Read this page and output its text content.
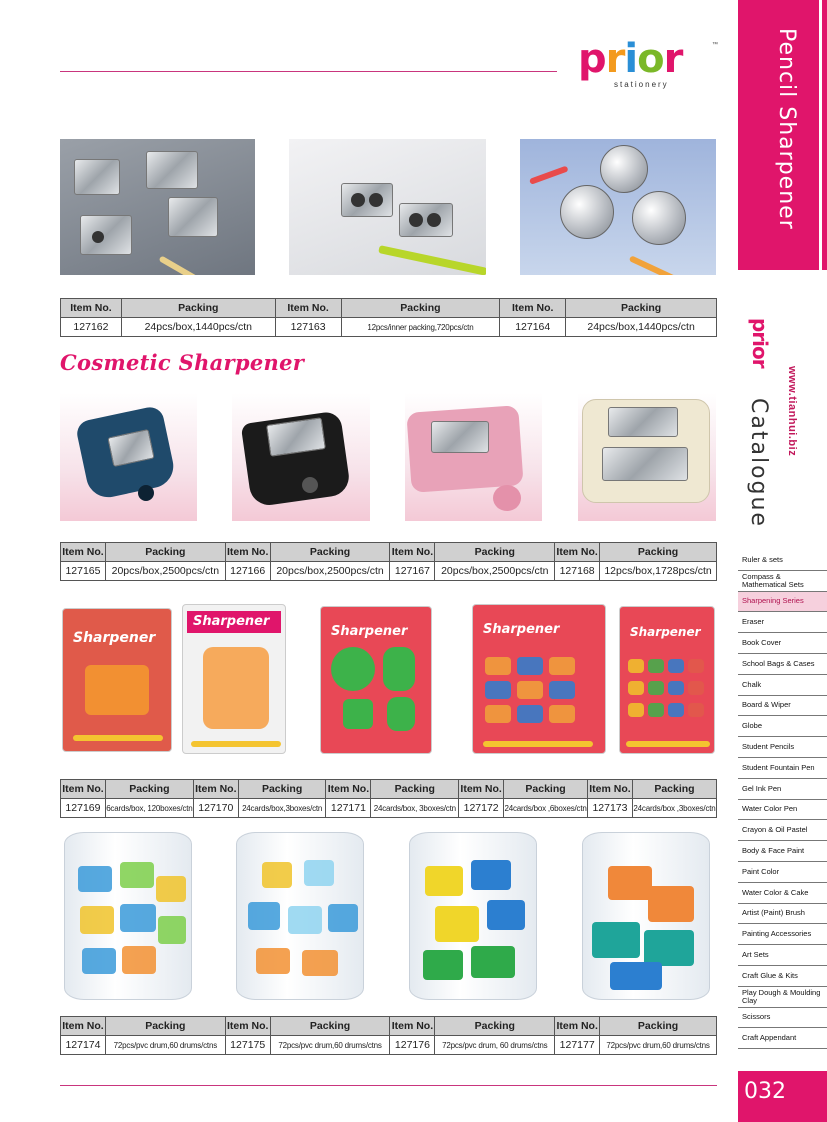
p r i o r	™
stationery	Pencil Sharpener
prior
www.tianhui.biz
Catalogue
Ruler & sets
Compass & Mathematical Sets
Sharpening Series
Eraser
Book Cover
School Bags & Cases
Chalk
Board & Wiper
Globe
Student Pencils
Student Fountain Pen
Gel Ink Pen
Water Color Pen
Crayon & Oil Pastel
Body & Face Paint
Paint Color
Water Color & Cake
Artist (Paint) Brush
Painting Accessories
Art Sets
Craft Glue & Kits
Play Dough & Moulding Clay
Scissors
Craft Appendant
032
Item No.	Packing	Item No.	Packing	Item No.	Packing
127162	24pcs/box,1440pcs/ctn	127163	12pcs/inner packing,720pcs/ctn	127164	24pcs/box,1440pcs/ctn
Cosmetic Sharpener
Item No.	Packing	Item No.	Packing	Item No.	Packing	Item No.	Packing
127165	20pcs/box,2500pcs/ctn	127166	20pcs/box,2500pcs/ctn	127167	20pcs/box,2500pcs/ctn	127168	12pcs/box,1728pcs/ctn
Sharpener
Sharpener
Sharpener	Sharpener	Sharpener
Item No.	Packing	Item No.	Packing	Item No.	Packing	Item No.	Packing	Item No.	Packing
127169	6cards/box, 120boxes/ctn	127170	24cards/box,3boxes/ctn	127171	24cards/box, 3boxes/ctn	127172	24cards/box ,6boxes/ctn	127173	24cards/box ,3boxes/ctn
Item No.	Packing	Item No.	Packing	Item No.	Packing	Item No.	Packing
127174	72pcs/pvc drum,60 drums/ctns	127175	72pcs/pvc drum,60 drums/ctns	127176	72pcs/pvc drum, 60 drums/ctns	127177	72pcs/pvc drum,60 drums/ctns
